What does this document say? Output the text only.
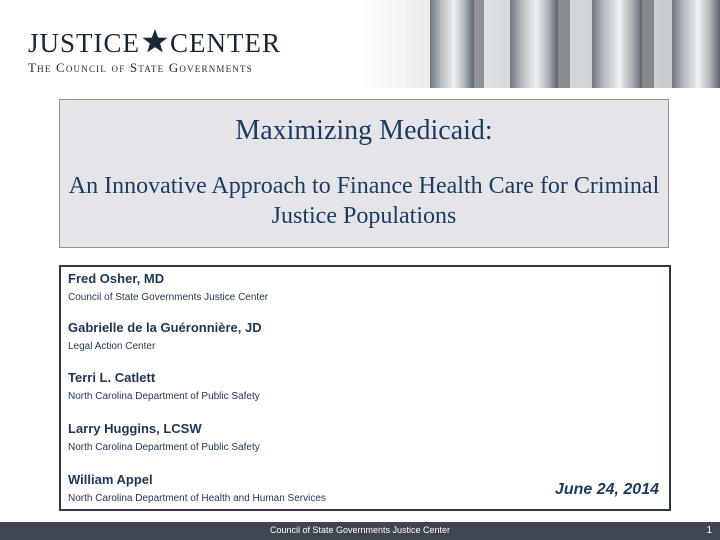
JUSTICE CENTER
The Council of State Governments
Maximizing Medicaid:
An Innovative Approach to Finance Health Care for Criminal Justice Populations
Fred Osher, MD
Council of State Governments Justice Center
Gabrielle de la Guéronnière, JD
Legal Action Center
Terri L. Catlett
North Carolina Department of Public Safety
Larry Huggins, LCSW
North Carolina Department of Public Safety
William Appel
North Carolina Department of Health and Human Services
June 24, 2014
Council of State Governments Justice Center	1
